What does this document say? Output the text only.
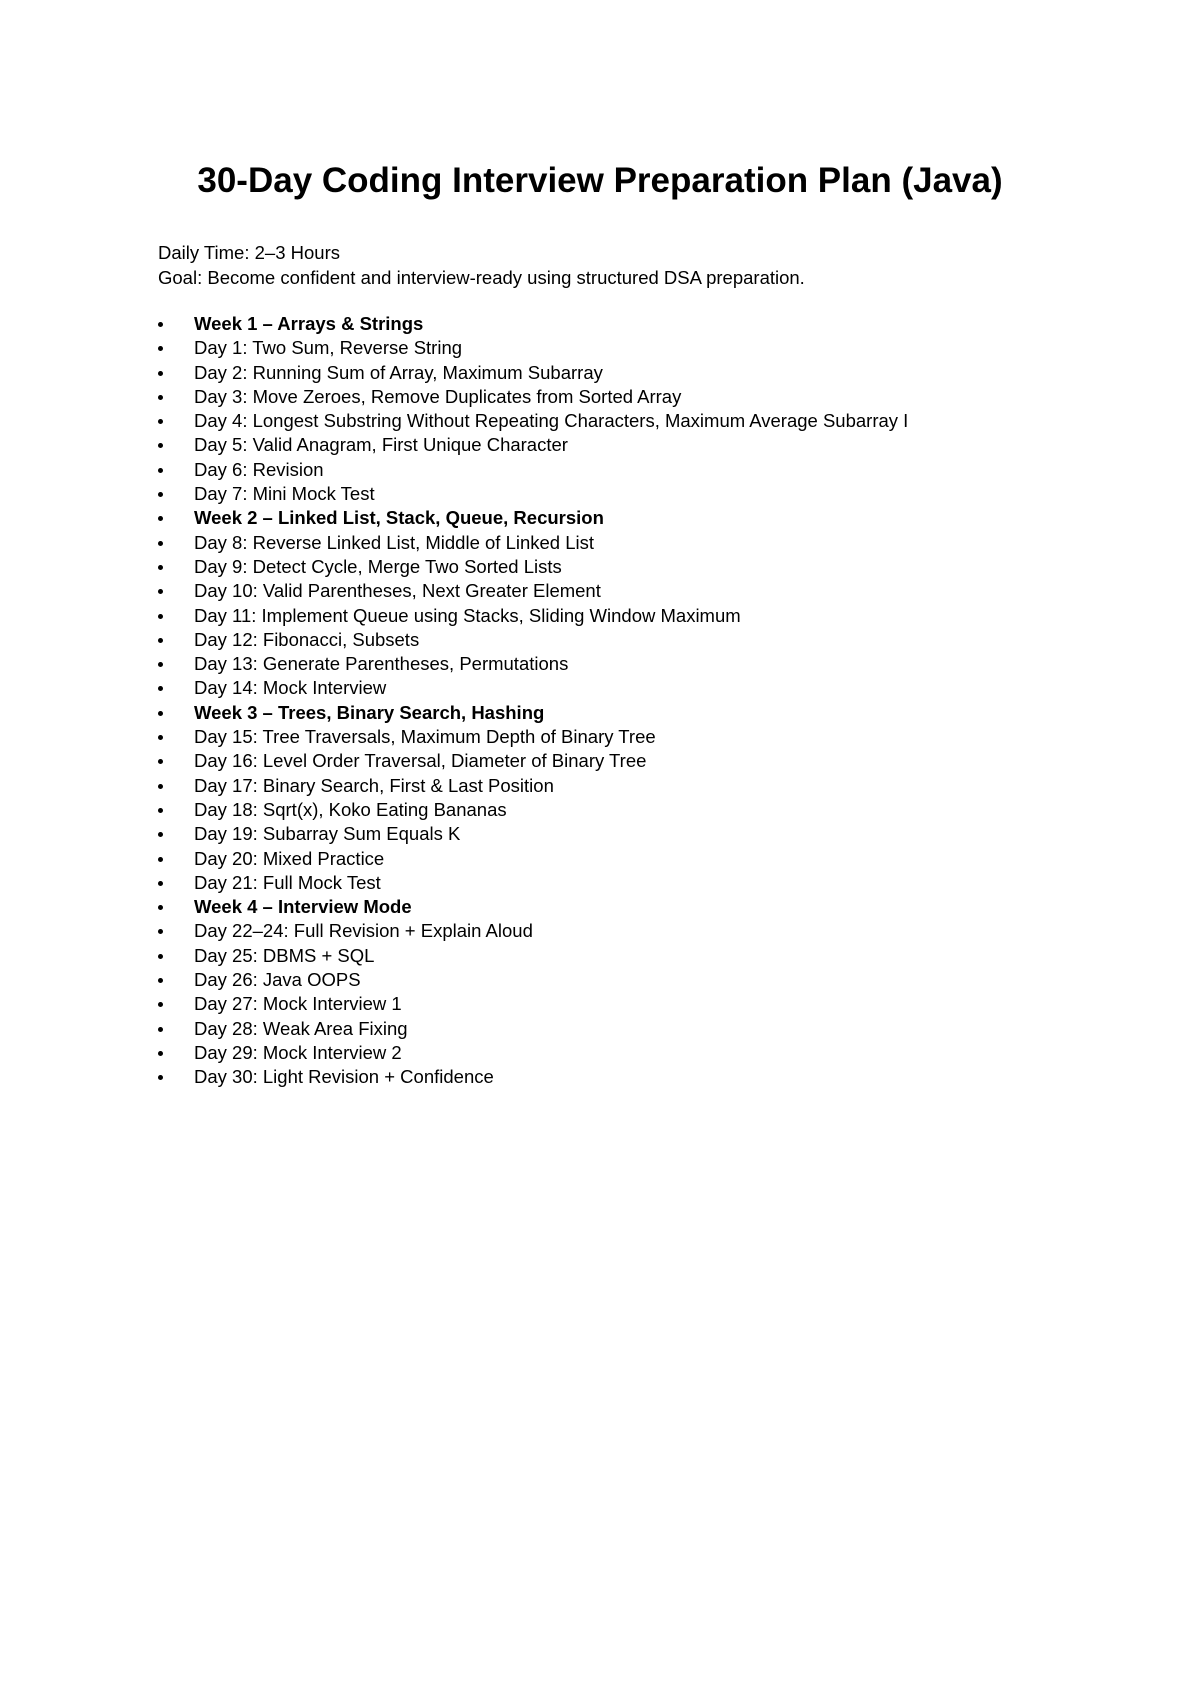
30-Day Coding Interview Preparation Plan (Java)

Daily Time: 2–3 Hours

Goal: Become confident and interview-ready using structured DSA preparation.

Week 1 – Arrays & Strings
Day 1: Two Sum, Reverse String
Day 2: Running Sum of Array, Maximum Subarray
Day 3: Move Zeroes, Remove Duplicates from Sorted Array
Day 4: Longest Substring Without Repeating Characters, Maximum Average Subarray I
Day 5: Valid Anagram, First Unique Character
Day 6: Revision
Day 7: Mini Mock Test
Week 2 – Linked List, Stack, Queue, Recursion
Day 8: Reverse Linked List, Middle of Linked List
Day 9: Detect Cycle, Merge Two Sorted Lists
Day 10: Valid Parentheses, Next Greater Element
Day 11: Implement Queue using Stacks, Sliding Window Maximum
Day 12: Fibonacci, Subsets
Day 13: Generate Parentheses, Permutations
Day 14: Mock Interview
Week 3 – Trees, Binary Search, Hashing
Day 15: Tree Traversals, Maximum Depth of Binary Tree
Day 16: Level Order Traversal, Diameter of Binary Tree
Day 17: Binary Search, First & Last Position
Day 18: Sqrt(x), Koko Eating Bananas
Day 19: Subarray Sum Equals K
Day 20: Mixed Practice
Day 21: Full Mock Test
Week 4 – Interview Mode
Day 22–24: Full Revision + Explain Aloud
Day 25: DBMS + SQL
Day 26: Java OOPS
Day 27: Mock Interview 1
Day 28: Weak Area Fixing
Day 29: Mock Interview 2
Day 30: Light Revision + Confidence
